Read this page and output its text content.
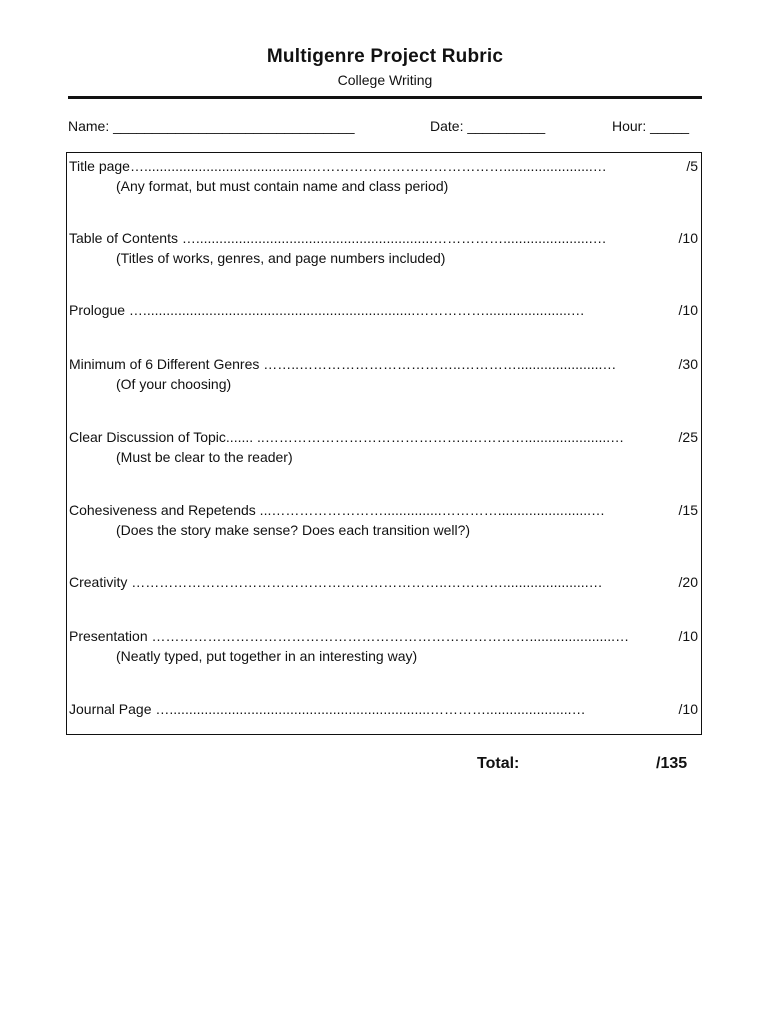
Multigenre Project Rubric
College Writing
Name: _______________________________	Date: __________	Hour: _____
Title page…..........................................…………………………………….......................…	/5
(Any format, but must contain name and class period)
Table of Contents ….............................................................…………….......................…	/10
(Titles of works, genres, and page numbers included)
Prologue …......................................................................……………......................…	/10
Minimum of 6 Different Genres ……..……………………………..…………......................…	/30
(Of your choosing)
Clear Discussion of Topic....... ..……………………………………..…………......................…	/25
(Must be clear to the reader)
Cohesiveness and Repetends ...……………………...............…………........................…	/15
(Does the story make sense? Does each transition well?)
Creativity …………………………………………………………..…………......................…	/20
Presentation ………………………………………………………………………......................…	/10
(Neatly typed, put together in an interesting way)
Journal Page …...................................................................…………......................…	/10
Total:	/135
